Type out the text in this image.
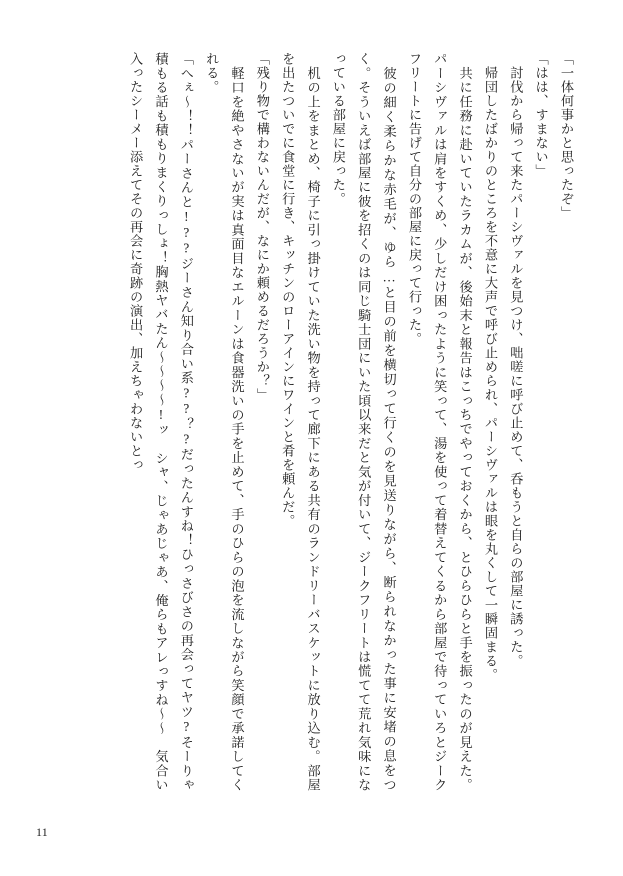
「一体何事かと思ったぞ」

「はは、すまない」

　討伐から帰って来たパーシヴァルを見つけ、咄嗟に呼び止めて、呑もうと自らの部屋に誘った。

　帰団したばかりのところを不意に大声で呼び止められ、パーシヴァルは眼を丸くして一瞬固まる。

　共に任務に赴いていたラカムが、後始末と報告はこっちでやっておくから、とひらひらと手を振ったのが見えた。パーシヴァルは肩をすくめ、少しだけ困ったように笑って、湯を使って着替えてくるから部屋で待っていろとジークフリートに告げて自分の部屋に戻って行った。

　彼の細く柔らかな赤毛が、ゆら…と目の前を横切って行くのを見送りながら、断られなかった事に安堵の息をつく。そういえば部屋に彼を招くのは同じ騎士団にいた頃以来だと気が付いて、ジークフリートは慌てて荒れ気味になっている部屋に戻った。

　机の上をまとめ、椅子に引っ掛けていた洗い物を持って廊下にある共有のランドリーバスケットに放り込む。部屋を出たついでに食堂に行き、キッチンのローアインにワインと肴を頼んだ。

「残り物で構わないんだが、なにか頼めるだろうか？」

　軽口を絶やさないが実は真面目なエルーンは食器洗いの手を止めて、手のひらの泡を流しながら笑顔で承諾してくれる。

「へぇ～！！パーさんと!??ジーさん知り合い系??？?だったんすね！ひっさびさの再会ってヤツ?そーりゃ積もる話も積もりまくりっしょ！胸熱ヤバたん～～～～!ッ　シャ、じゃあじゃあ、俺らもアレっすね～～　気合い入ったシーメー添えてその再会に奇跡の演出、加えちゃわないとっ

11
